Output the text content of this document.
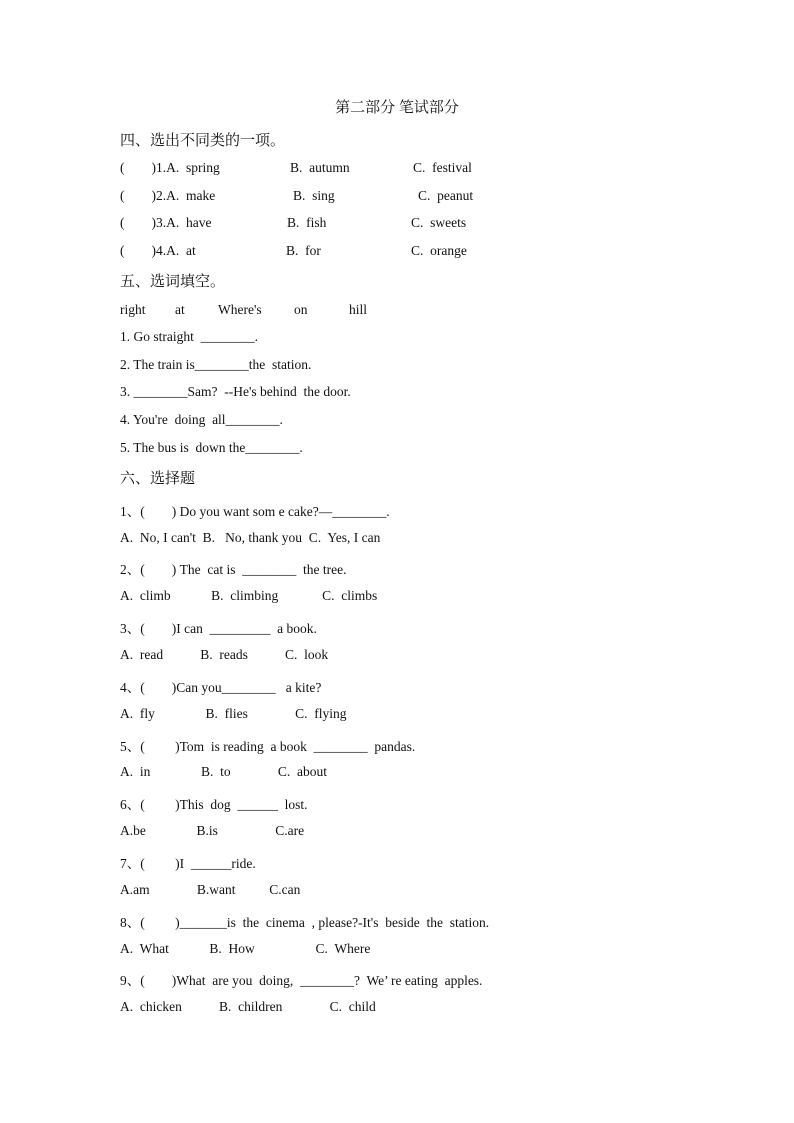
第二部分 笔试部分
四、选出不同类的一项。
(        )1.A.  spring	B.  autumn	C.  festival
(        )2.A.  make	B.  sing	C.  peanut
(        )3.A.  have	B.  fish	C.  sweets
(        )4.A.  at	B.  for	C.  orange
五、选词填空。
right at Where's on	hill
1. Go straight  ________.
2. The train is________the  station.
3. ________Sam?  --He's behind  the door.
4. You're  doing  all________.
5. The bus is  down the________.
六、选择题
1、(        ) Do you want som e cake?—________.
A.  No, I can't  B.   No, thank you  C.  Yes, I can
2、(        ) The  cat is  ________  the tree.
A.  climb            B.  climbing             C.  climbs
3、(        )I can  _________  a book.
A.  read           B.  reads           C.  look
4、(        )Can you________   a kite?
A.  fly               B.  flies              C.  flying
5、(         )Tom  is reading  a book  ________  pandas.
A.  in               B.  to              C.  about
6、(         )This  dog  ______  lost.
A.be               B.is                 C.are
7、(         )I  ______ride.
A.am              B.want          C.can
8、(         )_______is  the  cinema  , please?-It's  beside  the  station.
A.  What            B.  How                  C.  Where
9、(        )What  are you  doing,  ________?  We’ re eating  apples.
A.  chicken           B.  children              C.  child
